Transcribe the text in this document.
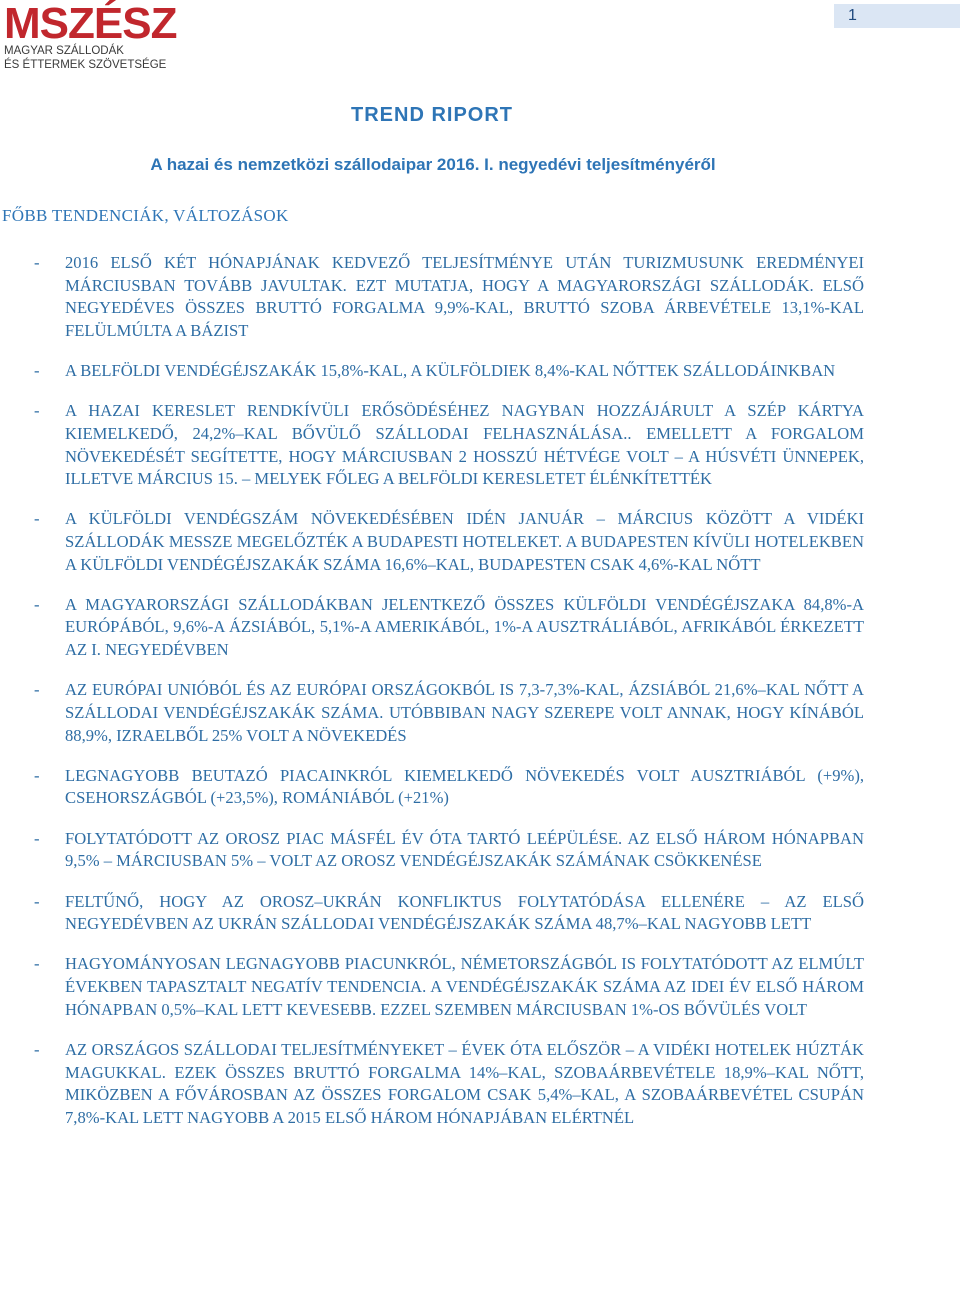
MSZÉSZ
MAGYAR SZÁLLODÁK
ÉS ÉTTERMEK SZÖVETSÉGE
1
TREND RIPORT
A hazai és nemzetközi szállodaipar 2016. I. negyedévi teljesítményéről
FŐBB TENDENCIÁK, VÁLTOZÁSOK
- 2016 ELSŐ KÉT HÓNAPJÁNAK KEDVEZŐ TELJESÍTMÉNYE UTÁN TURIZMUSUNK EREDMÉNYEI MÁRCIUSBAN TOVÁBB JAVULTAK. EZT MUTATJA, HOGY A MAGYARORSZÁGI SZÁLLODÁK. ELSŐ NEGYEDÉVES ÖSSZES BRUTTÓ FORGALMA 9,9%-KAL, BRUTTÓ SZOBA ÁRBEVÉTELE 13,1%-KAL FELÜLMÚLTA A BÁZIST
- A BELFÖLDI VENDÉGÉJSZAKÁK 15,8%-KAL, A KÜLFÖLDIEK 8,4%-KAL NŐTTEK SZÁLLODÁINKBAN
- A HAZAI KERESLET RENDKÍVÜLI ERŐSÖDÉSÉHEZ NAGYBAN HOZZÁJÁRULT A SZÉP KÁRTYA KIEMELKEDŐ, 24,2%–KAL BŐVÜLŐ SZÁLLODAI FELHASZNÁLÁSA.. EMELLETT A FORGALOM NÖVEKEDÉSÉT SEGÍTETTE, HOGY MÁRCIUSBAN 2 HOSSZÚ HÉTVÉGE VOLT – A HÚSVÉTI ÜNNEPEK, ILLETVE MÁRCIUS 15. – MELYEK FŐLEG A BELFÖLDI KERESLETET ÉLÉNKÍTETTÉK
- A KÜLFÖLDI VENDÉGSZÁM NÖVEKEDÉSÉBEN IDÉN JANUÁR – MÁRCIUS KÖZÖTT A VIDÉKI SZÁLLODÁK MESSZE MEGELŐZTÉK A BUDAPESTI HOTELEKET. A BUDAPESTEN KÍVÜLI HOTELEKBEN A KÜLFÖLDI VENDÉGÉJSZAKÁK SZÁMA 16,6%–KAL, BUDAPESTEN CSAK 4,6%-KAL NŐTT
- A MAGYARORSZÁGI SZÁLLODÁKBAN JELENTKEZŐ ÖSSZES KÜLFÖLDI VENDÉGÉJSZAKA 84,8%-A EURÓPÁBÓL, 9,6%-A ÁZSIÁBÓL, 5,1%-A AMERIKÁBÓL, 1%-A AUSZTRÁLIÁBÓL, AFRIKÁBÓL ÉRKEZETT AZ I. NEGYEDÉVBEN
- AZ EURÓPAI UNIÓBÓL ÉS AZ EURÓPAI ORSZÁGOKBÓL IS 7,3-7,3%-KAL, ÁZSIÁBÓL 21,6%–KAL NŐTT A SZÁLLODAI VENDÉGÉJSZAKÁK SZÁMA. UTÓBBIBAN NAGY SZEREPE VOLT ANNAK, HOGY KÍNÁBÓL 88,9%, IZRAELBŐL 25% VOLT A NÖVEKEDÉS
- LEGNAGYOBB BEUTAZÓ PIACAINKRÓL KIEMELKEDŐ NÖVEKEDÉS VOLT AUSZTRIÁBÓL (+9%), CSEHORSZÁGBÓL (+23,5%), ROMÁNIÁBÓL (+21%)
- FOLYTATÓDOTT AZ OROSZ PIAC MÁSFÉL ÉV ÓTA TARTÓ LEÉPÜLÉSE. AZ ELSŐ HÁROM HÓNAPBAN 9,5% – MÁRCIUSBAN 5% – VOLT AZ OROSZ VENDÉGÉJSZAKÁK SZÁMÁNAK CSÖKKENÉSE
- FELTŰNŐ, HOGY AZ OROSZ–UKRÁN KONFLIKTUS FOLYTATÓDÁSA ELLENÉRE – AZ ELSŐ NEGYEDÉVBEN AZ UKRÁN SZÁLLODAI VENDÉGÉJSZAKÁK SZÁMA 48,7%–KAL NAGYOBB LETT
- HAGYOMÁNYOSAN LEGNAGYOBB PIACUNKRÓL, NÉMETORSZÁGBÓL IS FOLYTATÓDOTT AZ ELMÚLT ÉVEKBEN TAPASZTALT NEGATÍV TENDENCIA. A VENDÉGÉJSZAKÁK SZÁMA AZ IDEI ÉV ELSŐ HÁROM HÓNAPBAN 0,5%–KAL LETT KEVESEBB. EZZEL SZEMBEN MÁRCIUSBAN 1%-OS BŐVÜLÉS VOLT
- AZ ORSZÁGOS SZÁLLODAI TELJESÍTMÉNYEKET – ÉVEK ÓTA ELŐSZÖR – A VIDÉKI HOTELEK HÚZTÁK MAGUKKAL. EZEK ÖSSZES BRUTTÓ FORGALMA 14%–KAL, SZOBAÁRBEVÉTELE 18,9%–KAL NŐTT, MIKÖZBEN A FŐVÁROSBAN AZ ÖSSZES FORGALOM CSAK 5,4%–KAL, A SZOBAÁRBEVÉTEL CSUPÁN 7,8%-KAL LETT NAGYOBB A 2015 ELSŐ HÁROM HÓNAPJÁBAN ELÉRTNÉL
